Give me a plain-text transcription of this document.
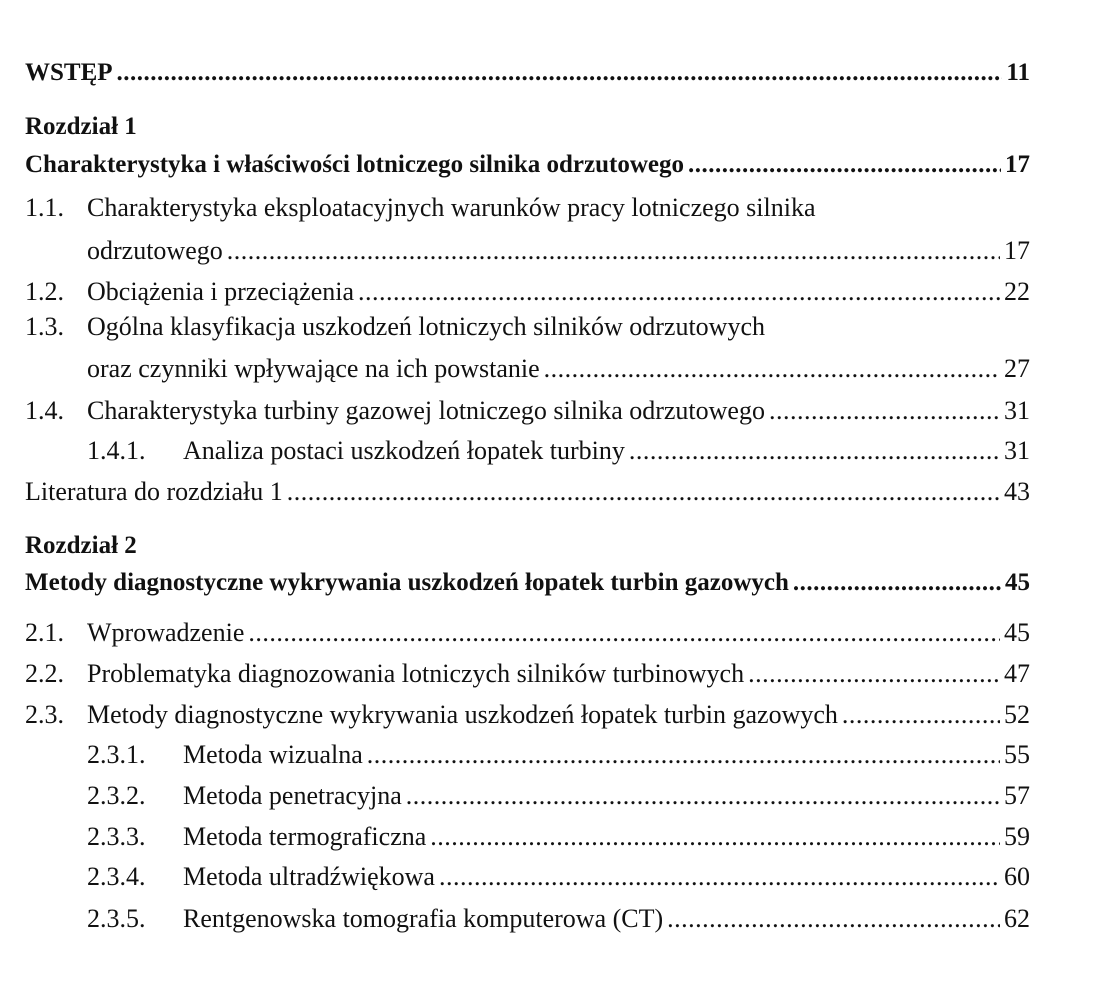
WSTĘP .....	11
Rozdział 1
Charakterystyka i właściwości lotniczego silnika odrzutowego .....	17
1.1. Charakterystyka eksploatacyjnych warunków pracy lotniczego silnika
odrzutowego .....	17
1.2. Obciążenia i przeciążenia .....	22
1.3. Ogólna klasyfikacja uszkodzeń lotniczych silników odrzutowych
oraz czynniki wpływające na ich powstanie .....	27
1.4. Charakterystyka turbiny gazowej lotniczego silnika odrzutowego .....	31
1.4.1.	Analiza postaci uszkodzeń łopatek turbiny .....	31
Literatura do rozdziału 1 .....	43
Rozdział 2
Metody diagnostyczne wykrywania uszkodzeń łopatek turbin gazowych .....	45
2.1. Wprowadzenie .....	45
2.2. Problematyka diagnozowania lotniczych silników turbinowych .....	47
2.3. Metody diagnostyczne wykrywania uszkodzeń łopatek turbin gazowych .....	52
2.3.1.	Metoda wizualna .....	55
2.3.2.	Metoda penetracyjna .....	57
2.3.3.	Metoda termograficzna .....	59
2.3.4.	Metoda ultradźwiękowa .....	60
2.3.5.	Rentgenowska tomografia komputerowa (CT) .....	62
